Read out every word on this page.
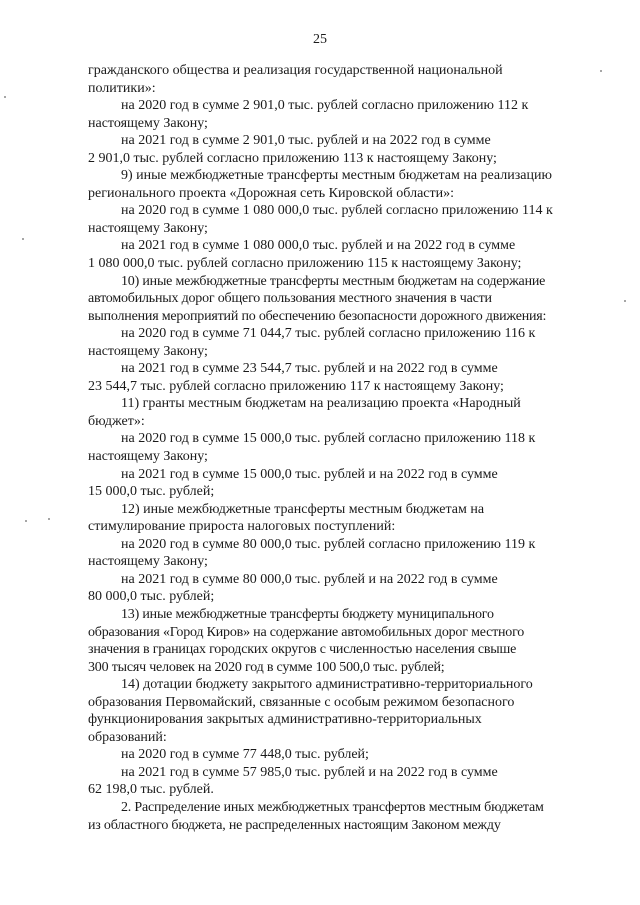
25

гражданского общества и реализация государственной национальной
политики»:

на 2020 год в сумме 2 901,0 тыс. рублей согласно приложению 112 к
настоящему Закону;

на 2021 год в сумме 2 901,0 тыс. рублей и на 2022 год в сумме
2 901,0 тыс. рублей согласно приложению 113 к настоящему Закону;

9) иные межбюджетные трансферты местным бюджетам на реализацию
регионального проекта «Дорожная сеть Кировской области»:

на 2020 год в сумме 1 080 000,0 тыс. рублей согласно приложению 114 к
настоящему Закону;

на 2021 год в сумме 1 080 000,0 тыс. рублей и на 2022 год в сумме
1 080 000,0 тыс. рублей согласно приложению 115 к настоящему Закону;

10) иные межбюджетные трансферты местным бюджетам на содержание
автомобильных дорог общего пользования местного значения в части
выполнения мероприятий по обеспечению безопасности дорожного движения:

на 2020 год в сумме 71 044,7 тыс. рублей согласно приложению 116 к
настоящему Закону;

на 2021 год в сумме 23 544,7 тыс. рублей и на 2022 год в сумме
23 544,7 тыс. рублей согласно приложению 117 к настоящему Закону;

11) гранты местным бюджетам на реализацию проекта «Народный
бюджет»:

на 2020 год в сумме 15 000,0 тыс. рублей согласно приложению 118 к
настоящему Закону;

на 2021 год в сумме 15 000,0 тыс. рублей и на 2022 год в сумме
15 000,0 тыс. рублей;

12) иные межбюджетные трансферты местным бюджетам на
стимулирование прироста налоговых поступлений:

на 2020 год в сумме 80 000,0 тыс. рублей согласно приложению 119 к
настоящему Закону;

на 2021 год в сумме 80 000,0 тыс. рублей и на 2022 год в сумме
80 000,0 тыс. рублей;

13) иные межбюджетные трансферты бюджету муниципального
образования «Город Киров» на содержание автомобильных дорог местного
значения в границах городских округов с численностью населения свыше
300 тысяч человек на 2020 год в сумме 100 500,0 тыс. рублей;

14) дотации бюджету закрытого административно-территориального
образования Первомайский, связанные с особым режимом безопасного
функционирования закрытых административно-территориальных
образований:

на 2020 год в сумме 77 448,0 тыс. рублей;

на 2021 год в сумме 57 985,0 тыс. рублей и на 2022 год в сумме
62 198,0 тыс. рублей.

2. Распределение иных межбюджетных трансфертов местным бюджетам
из областного бюджета, не распределенных настоящим Законом между
